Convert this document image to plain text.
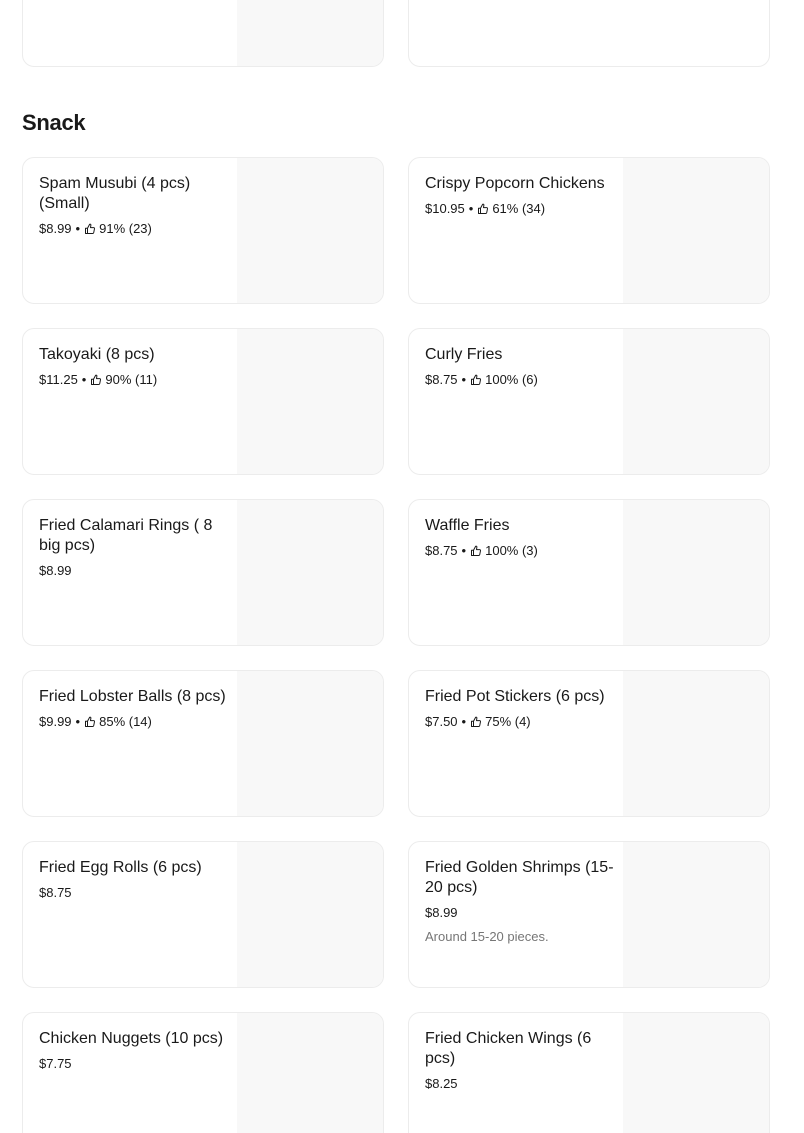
Snack
Spam Musubi (4 pcs) (Small)
$8.99 • 91% (23)
Crispy Popcorn Chickens
$10.95 • 61% (34)
Takoyaki (8 pcs)
$11.25 • 90% (11)
Curly Fries
$8.75 • 100% (6)
Fried Calamari Rings ( 8 big pcs)
$8.99
Waffle Fries
$8.75 • 100% (3)
Fried Lobster Balls (8 pcs)
$9.99 • 85% (14)
Fried Pot Stickers (6 pcs)
$7.50 • 75% (4)
Fried Egg Rolls (6 pcs)
$8.75
Fried Golden Shrimps (15-20 pcs)
$8.99
Around 15-20 pieces.
Chicken Nuggets (10 pcs)
$7.75
Fried Chicken Wings (6 pcs)
$8.25
